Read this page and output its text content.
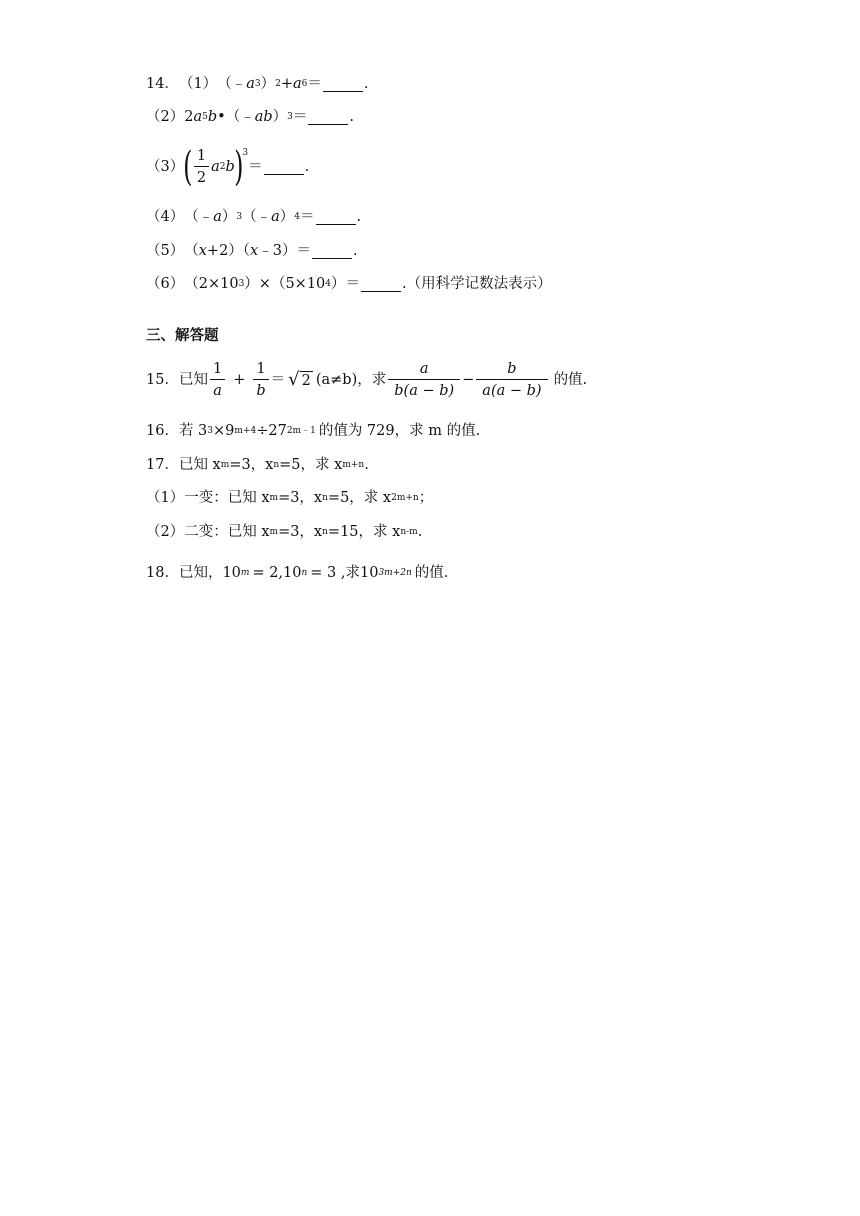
14． （1） （﹣ a 3 ） 2 + a 6 ＝	.
（2） 2 a 5 b •（﹣ ab ） 3 ＝	.
（3） ( $\frac{1}{2}$ a 2 b )$^3$
＝	.
（4） （﹣ a ） 3 （﹣ a ） 4 ＝	.
（5） （ x +2）（ x ﹣3）＝	.
（6） （2×10 3 ）×（5×10 4 ）＝	.（用科学记数法表示）
三、解答题
15． 已知 $\frac{1}{a} + \frac{1}{b}$ ＝ √ 2 (a≠b)，求 $\frac{a}{b(a - b)} - \frac{b}{a(a - b)}$ 的值.
16． 若 3 3 ×9 m+4 ÷27 2m﹣1 的值为 729，求 m 的值.
17． 已知 x m =3，x n =5，求 x m+n .
（1）一变：已知 x m =3，x n =5，求 x 2m+n ；
（2）二变：已知 x m =3，x n =15，求 x n-m .
18． 已知， 10 m = 2,10 n = 3 ,求 10 3m+2n 的值.
